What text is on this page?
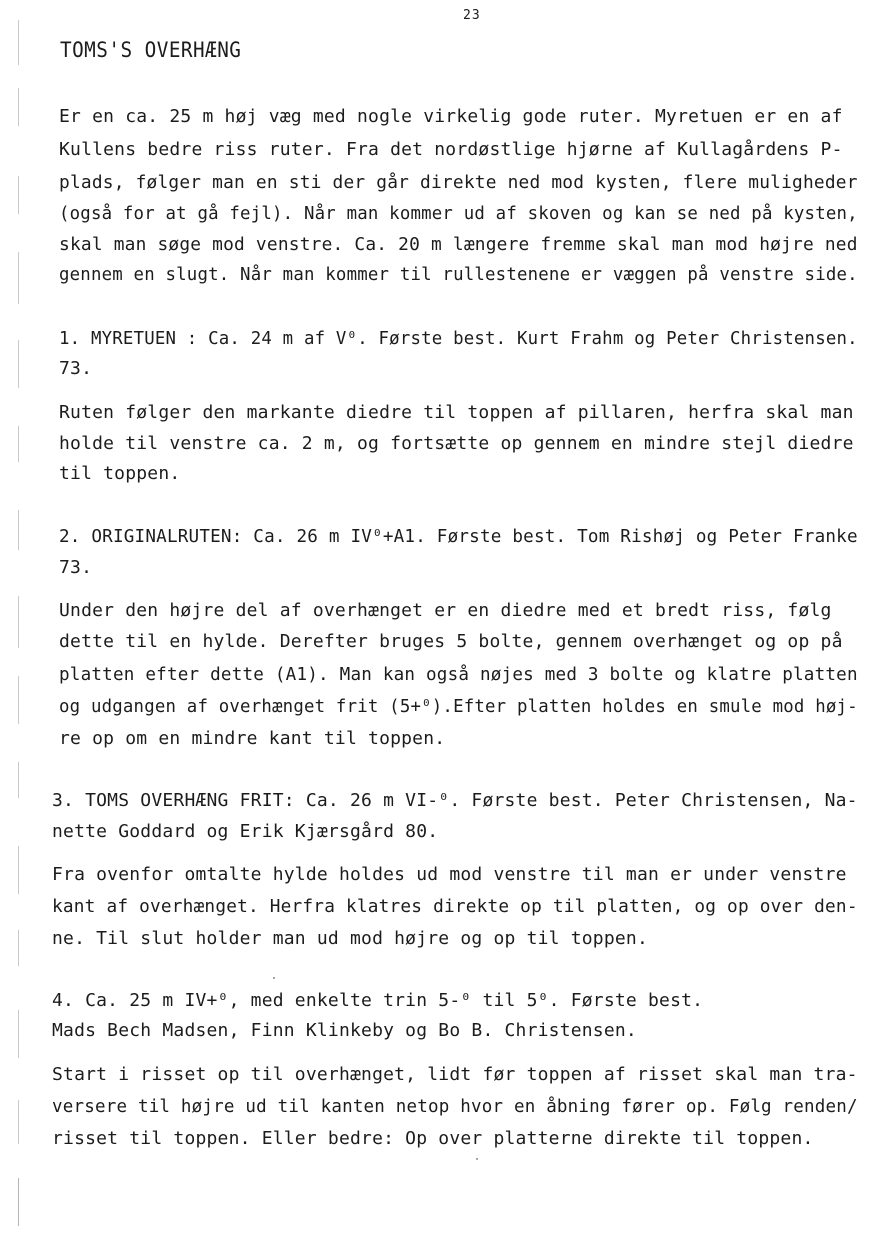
23
TOMS'S OVERHÆNG
Er en ca. 25 m høj væg med nogle virkelig gode ruter. Myretuen er en af
Kullens bedre riss ruter. Fra det nordøstlige hjørne af Kullagårdens P-
plads, følger man en sti der går direkte ned mod kysten, flere muligheder
(også for at gå fejl). Når man kommer ud af skoven og kan se ned på kysten,
skal man søge mod venstre. Ca. 20 m længere fremme skal man mod højre ned
gennem en slugt. Når man kommer til rullestenene er væggen på venstre side.
1. MYRETUEN : Ca. 24 m af V⁰. Første best. Kurt Frahm og Peter Christensen.
73.
Ruten følger den markante diedre til toppen af pillaren, herfra skal man
holde til venstre ca. 2 m, og fortsætte op gennem en mindre stejl diedre
til toppen.
2. ORIGINALRUTEN: Ca. 26 m IV⁰+A1. Første best. Tom Rishøj og Peter Franke
73.
Under den højre del af overhænget er en diedre med et bredt riss, følg
dette til en hylde. Derefter bruges 5 bolte, gennem overhænget og op på
platten efter dette (A1). Man kan også nøjes med 3 bolte og klatre platten
og udgangen af overhænget frit (5+⁰).Efter platten holdes en smule mod høj-
re op om en mindre kant til toppen.
3. TOMS OVERHÆNG FRIT: Ca. 26 m VI-⁰. Første best. Peter Christensen, Na-
nette Goddard og Erik Kjærsgård 80.
Fra ovenfor omtalte hylde holdes ud mod venstre til man er under venstre
kant af overhænget. Herfra klatres direkte op til platten, og op over den-
ne. Til slut holder man ud mod højre og op til toppen.
4. Ca. 25 m IV+⁰, med enkelte trin 5-⁰ til 5⁰. Første best.
Mads Bech Madsen, Finn Klinkeby og Bo B. Christensen.
Start i risset op til overhænget, lidt før toppen af risset skal man tra-
versere til højre ud til kanten netop hvor en åbning fører op. Følg renden/
risset til toppen. Eller bedre: Op over platterne direkte til toppen.
